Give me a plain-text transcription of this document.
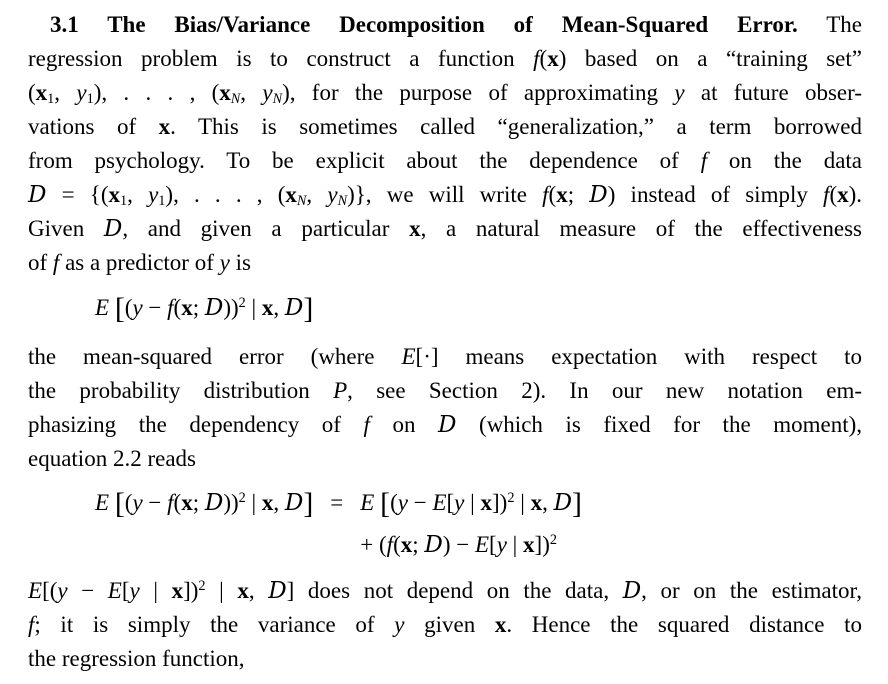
3.1 The Bias/Variance Decomposition of Mean-Squared Error. The
regression problem is to construct a function f(x) based on a “training set”
($x_1$, $y_1$), . . . , ($x_N$, $y_N$), for the purpose of approximating y at future obser-
vations of x. This is sometimes called “generalization,” a term borrowed
from psychology. To be explicit about the dependence of f on the data
$D = \{(x_1$, $y_1$), . . . , ($x_N$, $y_N$)}, we will write f(x; D) instead of simply f(x).
Given D, and given a particular x, a natural measure of the effectiveness
of f as a predictor of y is
E [(y − f(x; D))$^2$ | x, D]
the mean-squared error (where E[·] means expectation with respect to
the probability distribution P, see Section 2). In our new notation em-
phasizing the dependency of f on D (which is fixed for the moment),
equation 2.2 reads
E [(y − f(x; D))$^2$ | x, D] = E [(y − E[y | x])$^2$ | x, D]
+ (f(x; D) − E[y | x])$^2$
E[(y − E[y | x])$^2$ | x, D] does not depend on the data, D, or on the estimator,
f; it is simply the variance of y given x. Hence the squared distance to
the regression function,
